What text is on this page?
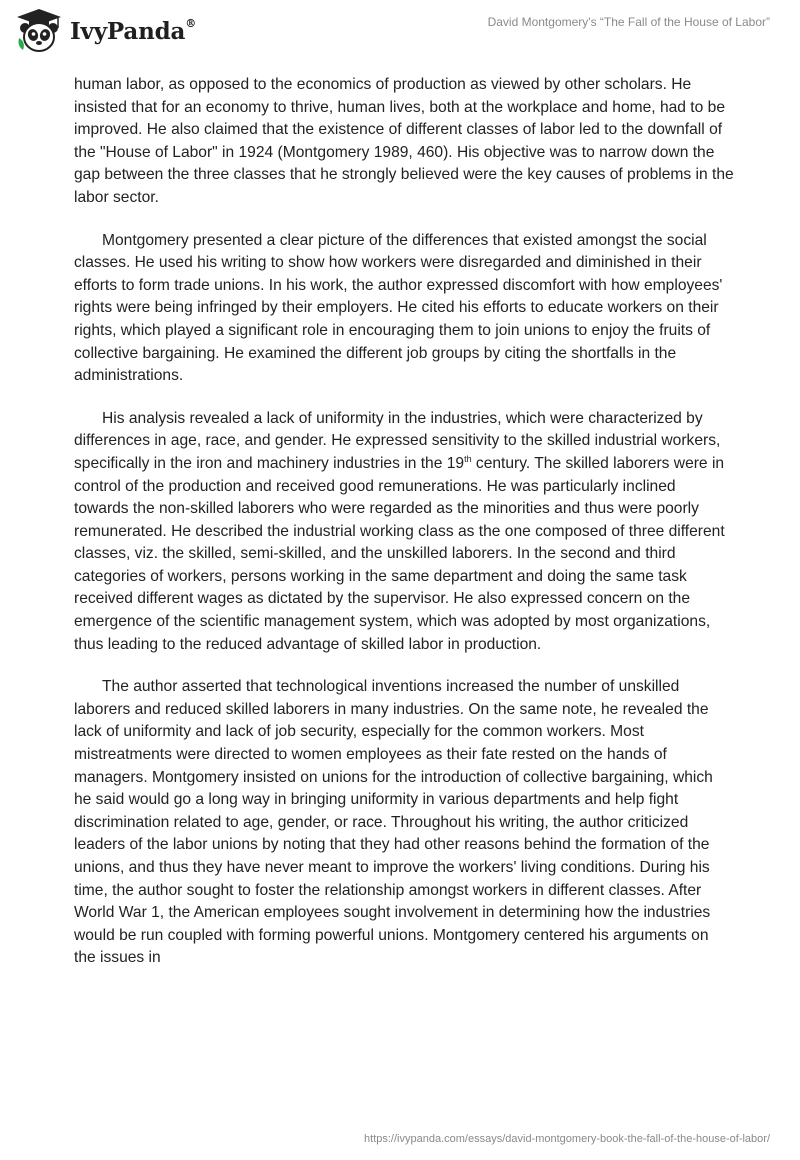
IvyPanda®	David Montgomery's “The Fall of the House of Labor”

human labor, as opposed to the economics of production as viewed by other scholars. He insisted that for an economy to thrive, human lives, both at the workplace and home, had to be improved. He also claimed that the existence of different classes of labor led to the downfall of the "House of Labor" in 1924 (Montgomery 1989, 460). His objective was to narrow down the gap between the three classes that he strongly believed were the key causes of problems in the labor sector.

Montgomery presented a clear picture of the differences that existed amongst the social classes. He used his writing to show how workers were disregarded and diminished in their efforts to form trade unions. In his work, the author expressed discomfort with how employees' rights were being infringed by their employers. He cited his efforts to educate workers on their rights, which played a significant role in encouraging them to join unions to enjoy the fruits of collective bargaining. He examined the different job groups by citing the shortfalls in the administrations.

His analysis revealed a lack of uniformity in the industries, which were characterized by differences in age, race, and gender. He expressed sensitivity to the skilled industrial workers, specifically in the iron and machinery industries in the 19th century. The skilled laborers were in control of the production and received good remunerations. He was particularly inclined towards the non-skilled laborers who were regarded as the minorities and thus were poorly remunerated. He described the industrial working class as the one composed of three different classes, viz. the skilled, semi-skilled, and the unskilled laborers. In the second and third categories of workers, persons working in the same department and doing the same task received different wages as dictated by the supervisor. He also expressed concern on the emergence of the scientific management system, which was adopted by most organizations, thus leading to the reduced advantage of skilled labor in production.

The author asserted that technological inventions increased the number of unskilled laborers and reduced skilled laborers in many industries. On the same note, he revealed the lack of uniformity and lack of job security, especially for the common workers. Most mistreatments were directed to women employees as their fate rested on the hands of managers. Montgomery insisted on unions for the introduction of collective bargaining, which he said would go a long way in bringing uniformity in various departments and help fight discrimination related to age, gender, or race. Throughout his writing, the author criticized leaders of the labor unions by noting that they had other reasons behind the formation of the unions, and thus they have never meant to improve the workers' living conditions. During his time, the author sought to foster the relationship amongst workers in different classes. After World War 1, the American employees sought involvement in determining how the industries would be run coupled with forming powerful unions. Montgomery centered his arguments on the issues in

https://ivypanda.com/essays/david-montgomery-book-the-fall-of-the-house-of-labor/
